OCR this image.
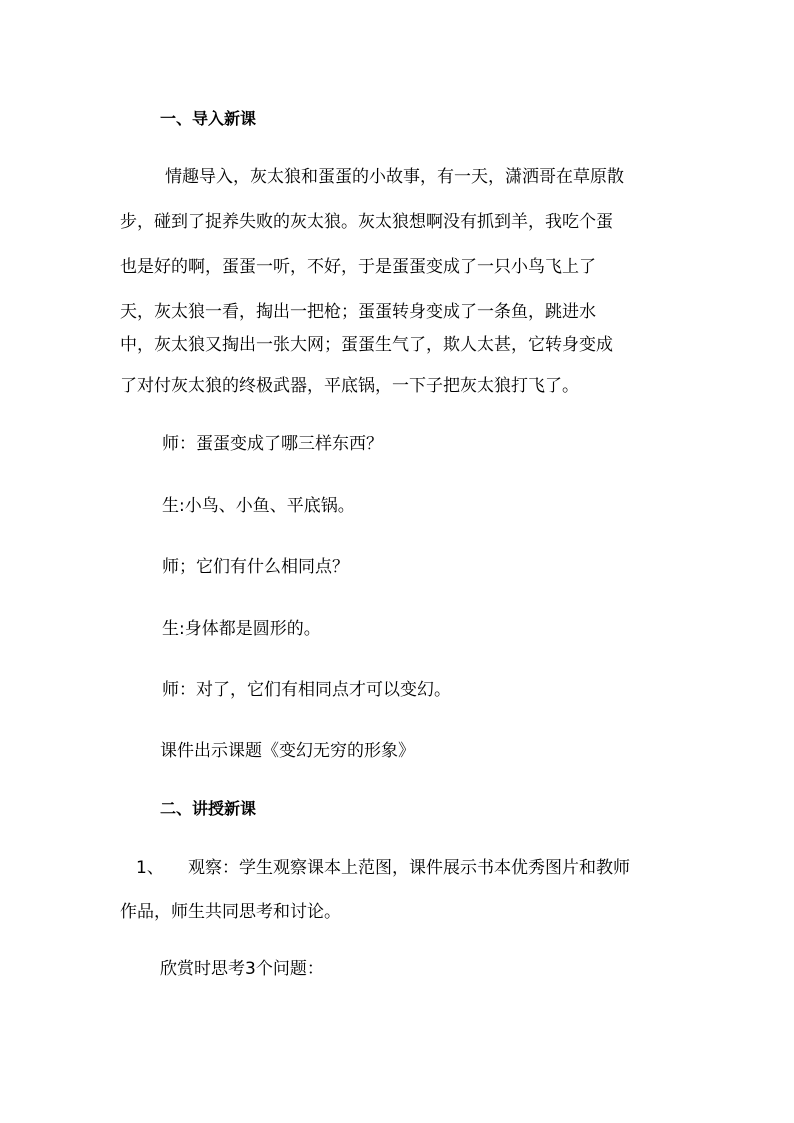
一、导入新课
情趣导入，灰太狼和蛋蛋的小故事，有一天，潇洒哥在草原散
步，碰到了捉养失败的灰太狼。灰太狼想啊没有抓到羊，我吃个蛋
也是好的啊，蛋蛋一听，不好，于是蛋蛋变成了一只小鸟飞上了
天，灰太狼一看，掏出一把枪；蛋蛋转身变成了一条鱼，跳进水
中，灰太狼又掏出一张大网；蛋蛋生气了，欺人太甚，它转身变成
了对付灰太狼的终极武器，平底锅，一下子把灰太狼打飞了。
师：蛋蛋变成了哪三样东西？
生:小鸟、小鱼、平底锅。
师；它们有什么相同点？
生:身体都是圆形的。
师：对了，它们有相同点才可以变幻。
课件出示课题《变幻无穷的形象》
二、讲授新课
1、 观察：学生观察课本上范图，课件展示书本优秀图片和教师
作品，师生共同思考和讨论。
欣赏时思考3个问题：
